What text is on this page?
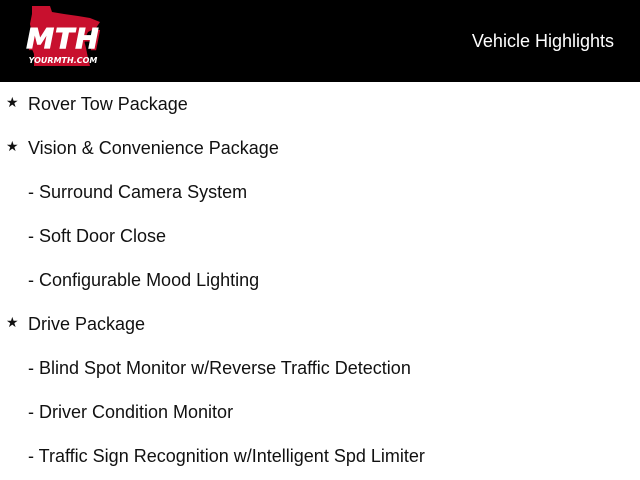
MTH
YOURMTH.COM
Vehicle Highlights
★ Rover Tow Package
★ Vision & Convenience Package
- Surround Camera System
- Soft Door Close
- Configurable Mood Lighting
★ Drive Package
- Blind Spot Monitor w/Reverse Traffic Detection
- Driver Condition Monitor
- Traffic Sign Recognition w/Intelligent Spd Limiter
